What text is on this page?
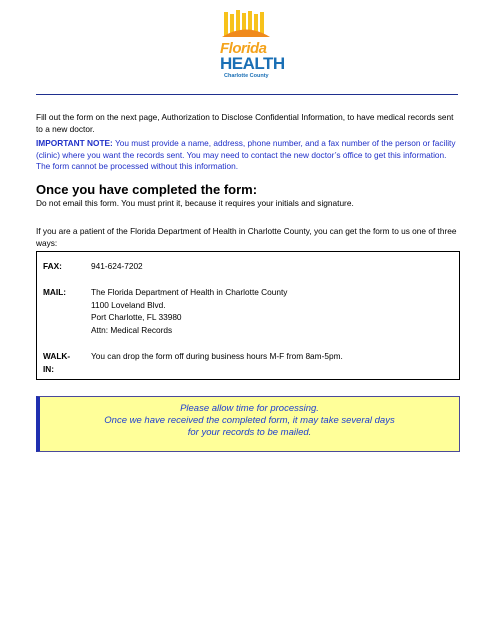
Florida
HEALTH
Charlotte County
Fill out the form on the next page, Authorization to Disclose Confidential Information, to have medical records sent to a new doctor.
IMPORTANT NOTE: You must provide a name, address, phone number, and a fax number of the person or facility (clinic) where you want the records sent. You may need to contact the new doctor’s office to get this information. The form cannot be processed without this information.
Once you have completed the form:
Do not email this form. You must print it, because it requires your initials and signature.
If you are a patient of the Florida Department of Health in Charlotte County, you can get the form to us one of three ways:
FAX:	941-624-7202
MAIL:	The Florida Department of Health in Charlotte County
1100 Loveland Blvd.
Port Charlotte, FL 33980
Attn: Medical Records
WALK-
IN:
You can drop the form off during business hours M-F from 8am-5pm.
Please allow time for processing.
Once we have received the completed form, it may take several days
for your records to be mailed.
